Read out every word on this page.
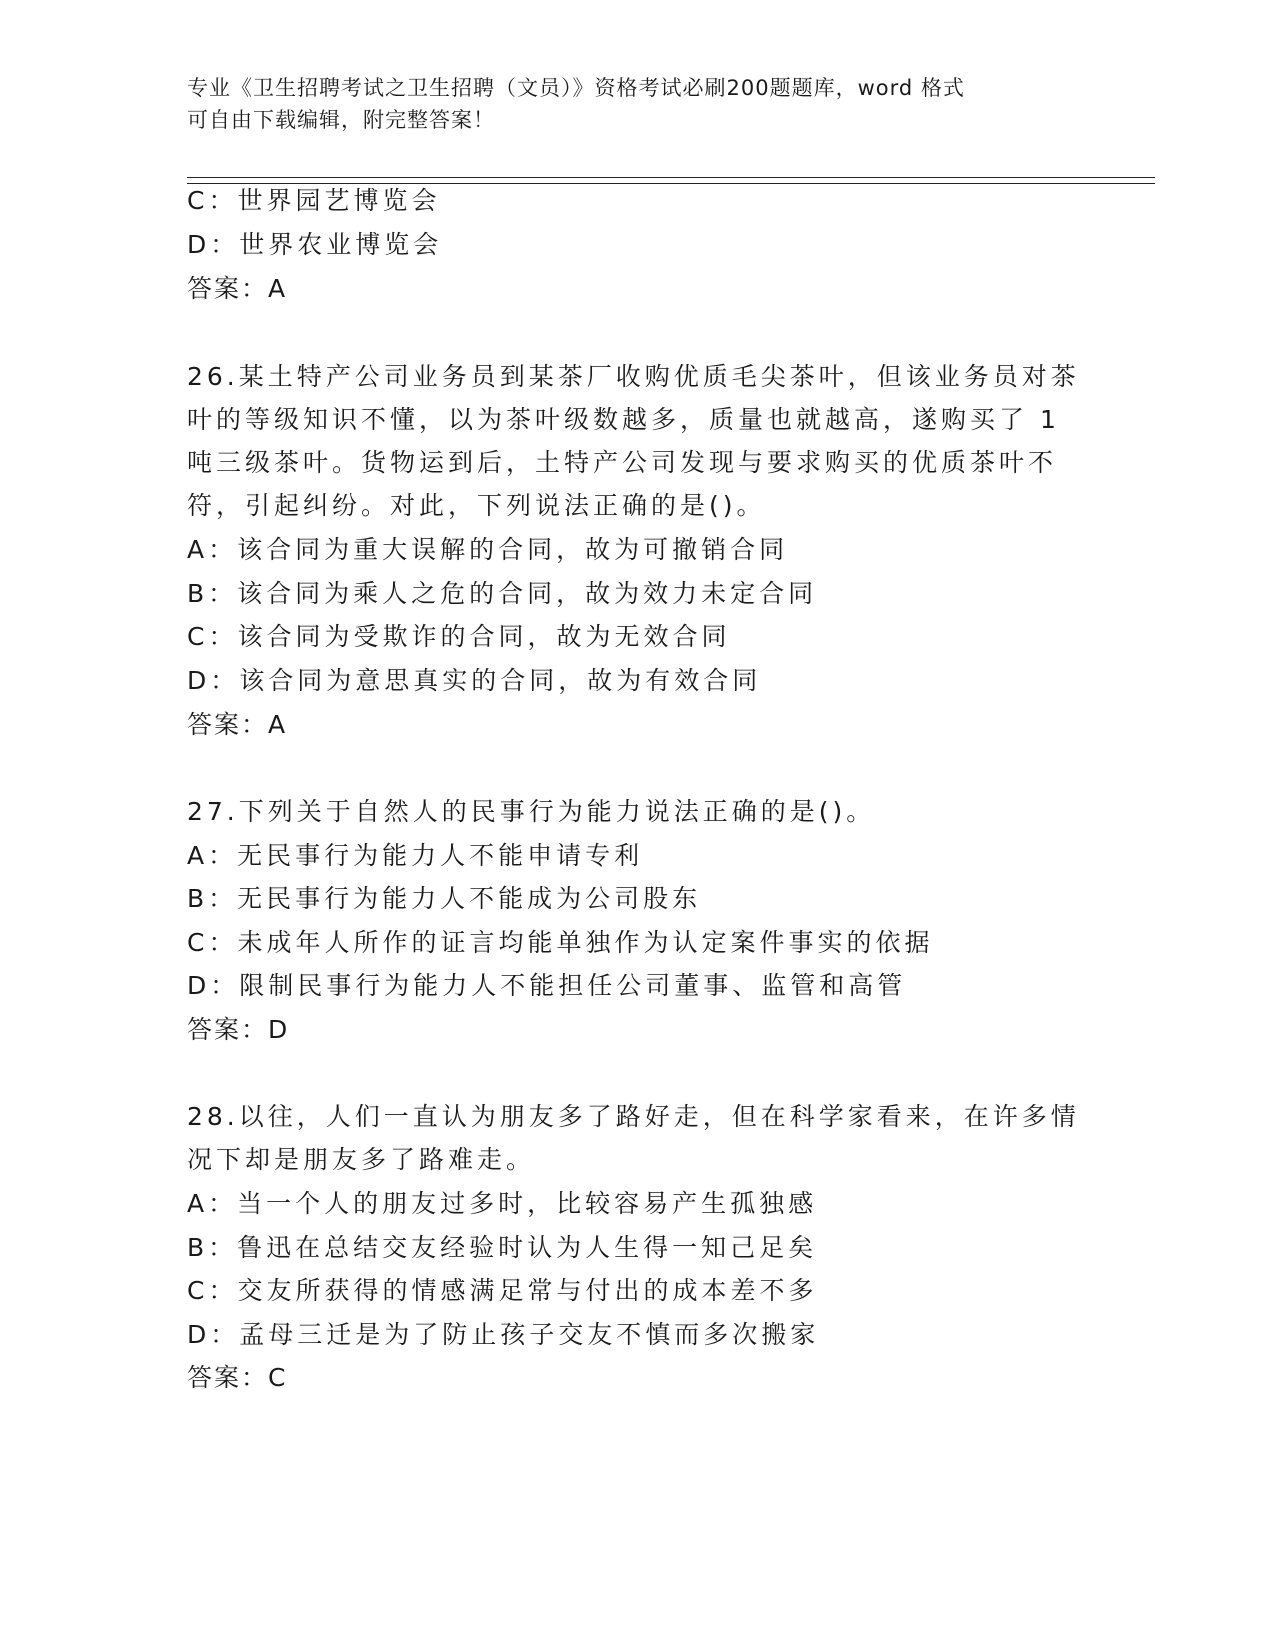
专业《卫生招聘考试之卫生招聘（文员）》资格考试必刷200题题库，word 格式
可自由下载编辑，附完整答案！
C：世界园艺博览会
D：世界农业博览会
答案：A
26.某土特产公司业务员到某茶厂收购优质毛尖茶叶，但该业务员对茶
叶的等级知识不懂，以为茶叶级数越多，质量也就越高，遂购买了 1
吨三级茶叶。货物运到后，土特产公司发现与要求购买的优质茶叶不
符，引起纠纷。对此，下列说法正确的是()。
A：该合同为重大误解的合同，故为可撤销合同
B：该合同为乘人之危的合同，故为效力未定合同
C：该合同为受欺诈的合同，故为无效合同
D：该合同为意思真实的合同，故为有效合同
答案：A
27.下列关于自然人的民事行为能力说法正确的是()。
A：无民事行为能力人不能申请专利
B：无民事行为能力人不能成为公司股东
C：未成年人所作的证言均能单独作为认定案件事实的依据
D：限制民事行为能力人不能担任公司董事、监管和高管
答案：D
28.以往，人们一直认为朋友多了路好走，但在科学家看来，在许多情
况下却是朋友多了路难走。
A：当一个人的朋友过多时，比较容易产生孤独感
B：鲁迅在总结交友经验时认为人生得一知己足矣
C：交友所获得的情感满足常与付出的成本差不多
D：孟母三迁是为了防止孩子交友不慎而多次搬家
答案：C
